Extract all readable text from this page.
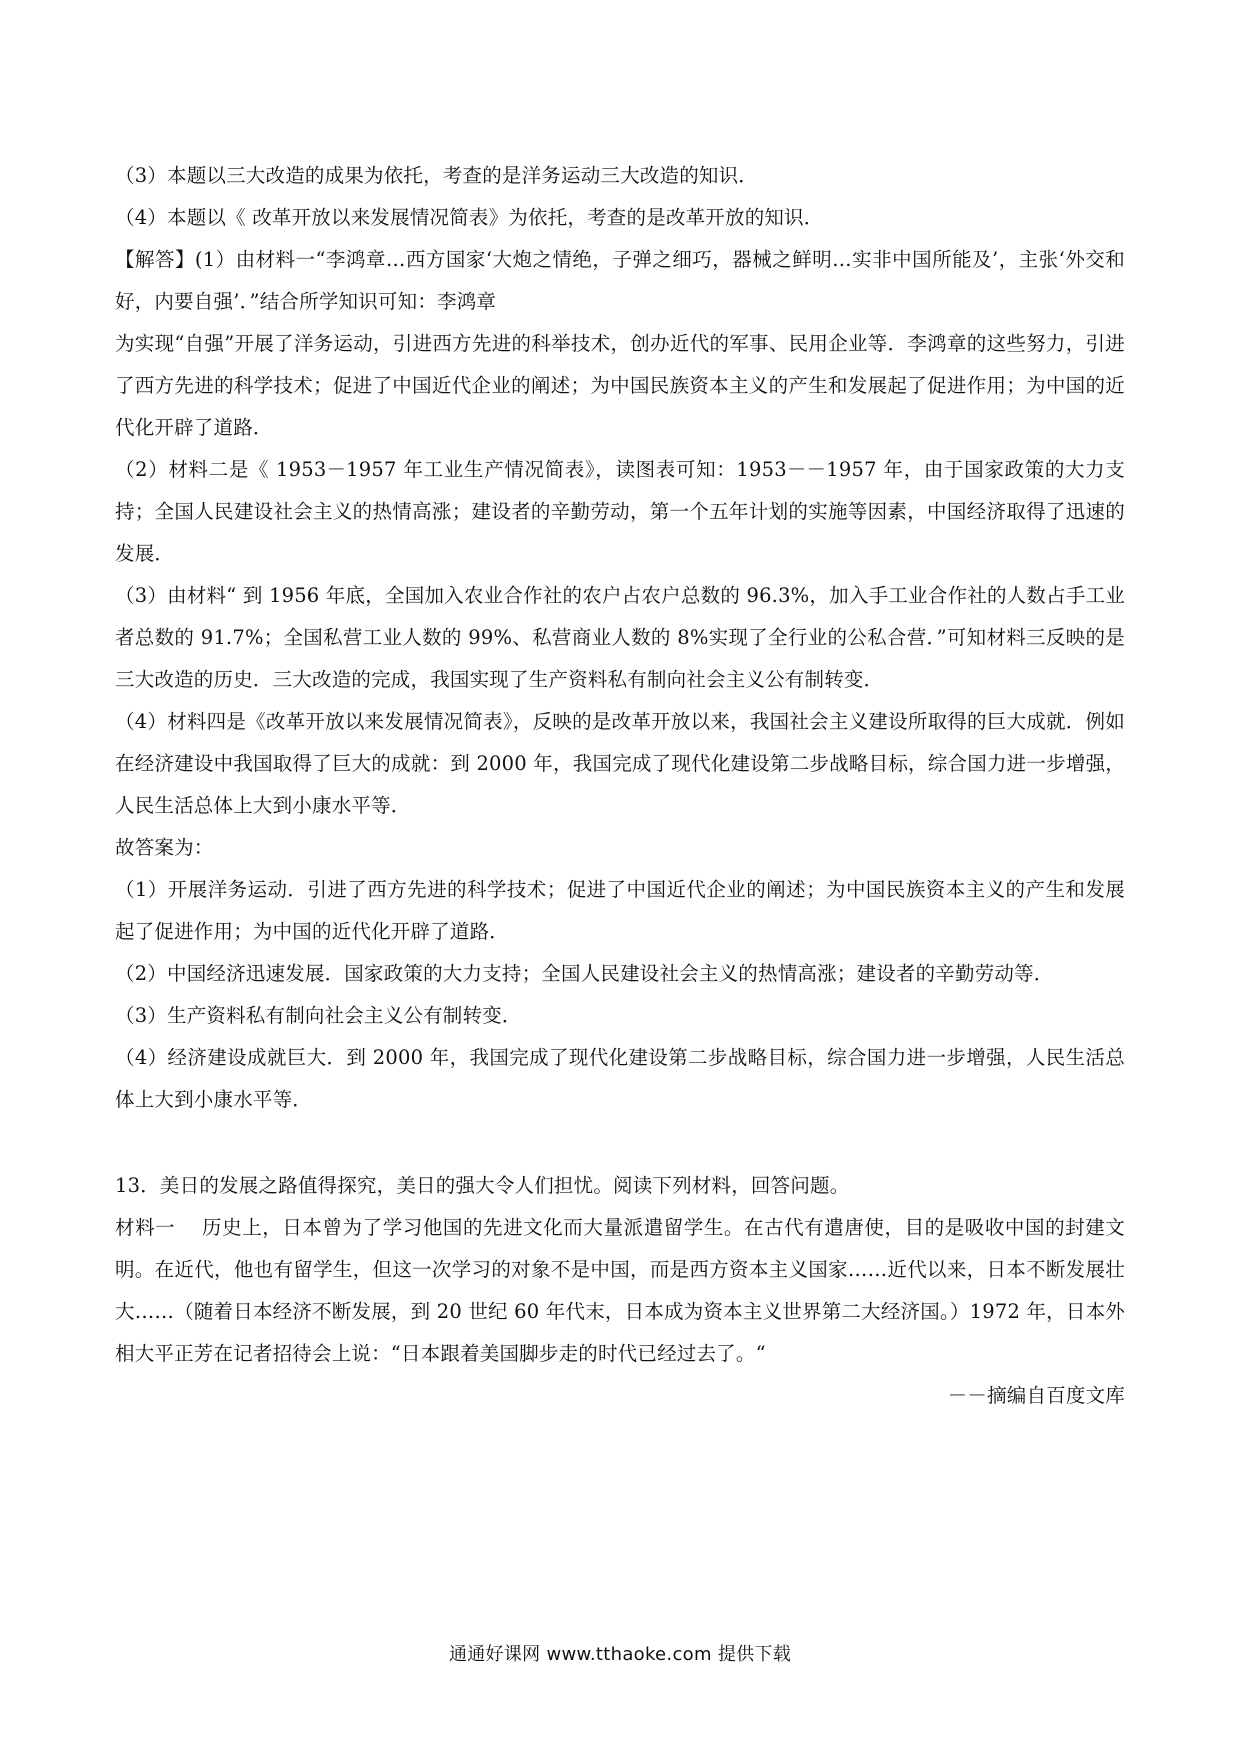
（3）本题以三大改造的成果为依托，考查的是洋务运动三大改造的知识．

（4）本题以《 改革开放以来发展情况简表》为依托，考查的是改革开放的知识．

【解答】(1）由材料一“李鸿章…西方国家‘大炮之情绝，子弹之细巧，器械之鲜明…实非中国所能及’，主张‘外交和好，内要自强’．”结合所学知识可知：李鸿章

为实现“自强”开展了洋务运动，引进西方先进的科举技术，创办近代的军事、民用企业等．李鸿章的这些努力，引进了西方先进的科学技术；促进了中国近代企业的阐述；为中国民族资本主义的产生和发展起了促进作用；为中国的近代化开辟了道路．

（2）材料二是《 1953－1957 年工业生产情况简表》，读图表可知：1953－－1957 年，由于国家政策的大力支持；全国人民建设社会主义的热情高涨；建设者的辛勤劳动，第一个五年计划的实施等因素，中国经济取得了迅速的发展．

（3）由材料“ 到 1956 年底，全国加入农业合作社的农户占农户总数的 96.3%，加入手工业合作社的人数占手工业者总数的 91.7%；全国私营工业人数的 99%、私营商业人数的 8%实现了全行业的公私合营．”可知材料三反映的是三大改造的历史．三大改造的完成，我国实现了生产资料私有制向社会主义公有制转变．

（4）材料四是《改革开放以来发展情况简表》，反映的是改革开放以来，我国社会主义建设所取得的巨大成就．例如在经济建设中我国取得了巨大的成就：到 2000 年，我国完成了现代化建设第二步战略目标，综合国力进一步增强，人民生活总体上大到小康水平等．

故答案为：

（1）开展洋务运动．引进了西方先进的科学技术；促进了中国近代企业的阐述；为中国民族资本主义的产生和发展起了促进作用；为中国的近代化开辟了道路．

（2）中国经济迅速发展．国家政策的大力支持；全国人民建设社会主义的热情高涨；建设者的辛勤劳动等．

（3）生产资料私有制向社会主义公有制转变．

（4）经济建设成就巨大．到 2000 年，我国完成了现代化建设第二步战略目标，综合国力进一步增强，人民生活总体上大到小康水平等．

13．美日的发展之路值得探究，美日的强大令人们担忧。阅读下列材料，回答问题。

材料一　 历史上，日本曾为了学习他国的先进文化而大量派遣留学生。在古代有遣唐使，目的是吸收中国的封建文明。在近代，他也有留学生，但这一次学习的对象不是中国，而是西方资本主义国家……近代以来，日本不断发展壮大……（随着日本经济不断发展，到 20 世纪 60 年代末，日本成为资本主义世界第二大经济国。）1972 年，日本外相大平正芳在记者招待会上说：“日本跟着美国脚步走的时代已经过去了。“

－－摘编自百度文库

通通好课网 www.tthaoke.com 提供下载
